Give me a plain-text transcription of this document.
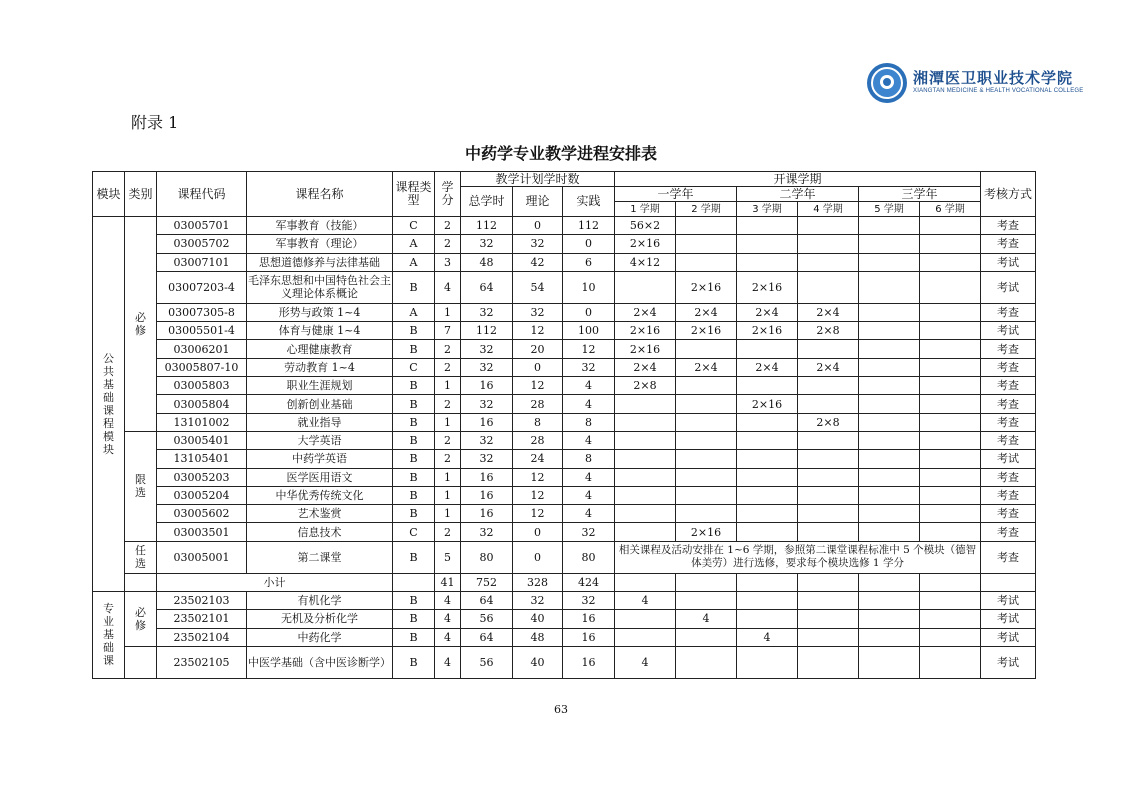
湘潭医卫职业技术学院
XIANGTAN MEDICINE & HEALTH VOCATIONAL COLLEGE
附录 1
中药学专业教学进程安排表
模块	类别	课程代码	课程名称	课程类型	学分	教学计划学时数			开课学期						考核方式
						总学时	理论	实践	一学年		二学年		三学年		
									1 学期	2 学期	3 学期	4 学期	5 学期	6 学期	
公共基础课程模块	必修	03005701	军事教育（技能）	C	2	112	0	112	56×2						考查
		03005702	军事教育（理论）	A	2	32	32	0	2×16						考查
		03007101	思想道德修养与法律基础	A	3	48	42	6	4×12						考试
		03007203-4	毛泽东思想和中国特色社会主义理论体系概论	B	4	64	54	10		2×16	2×16				考试
		03007305-8	形势与政策 1~4	A	1	32	32	0	2×4	2×4	2×4	2×4			考查
		03005501-4	体育与健康 1~4	B	7	112	12	100	2×16	2×16	2×16	2×8			考试
		03006201	心理健康教育	B	2	32	20	12	2×16						考查
		03005807-10	劳动教育 1~4	C	2	32	0	32	2×4	2×4	2×4	2×4			考查
		03005803	职业生涯规划	B	1	16	12	4	2×8						考查
		03005804	创新创业基础	B	2	32	28	4			2×16				考查
		13101002	就业指导	B	1	16	8	8				2×8			考查
	限选	03005401	大学英语	B	2	32	28	4							考查
		13105401	中药学英语	B	2	32	24	8							考试
		03005203	医学医用语文	B	1	16	12	4							考查
		03005204	中华优秀传统文化	B	1	16	12	4							考查
		03005602	艺术鉴赏	B	1	16	12	4							考查
		03003501	信息技术	C	2	32	0	32		2×16					考查
	任选	03005001	第二课堂	B	5	80	0	80	相关课程及活动安排在 1~6 学期，参照第二课堂课程标准中 5 个模块（德智体美劳）进行选修，要求每个模块选修 1 学分						考查
		小计			41	752	328	424							
专业基础课	必修	23502103	有机化学	B	4	64	32	32	4						考试
		23502101	无机及分析化学	B	4	56	40	16		4					考试
		23502104	中药化学	B	4	64	48	16			4				考试
		23502105	中医学基础（含中医诊断学）	B	4	56	40	16	4						考试
63
